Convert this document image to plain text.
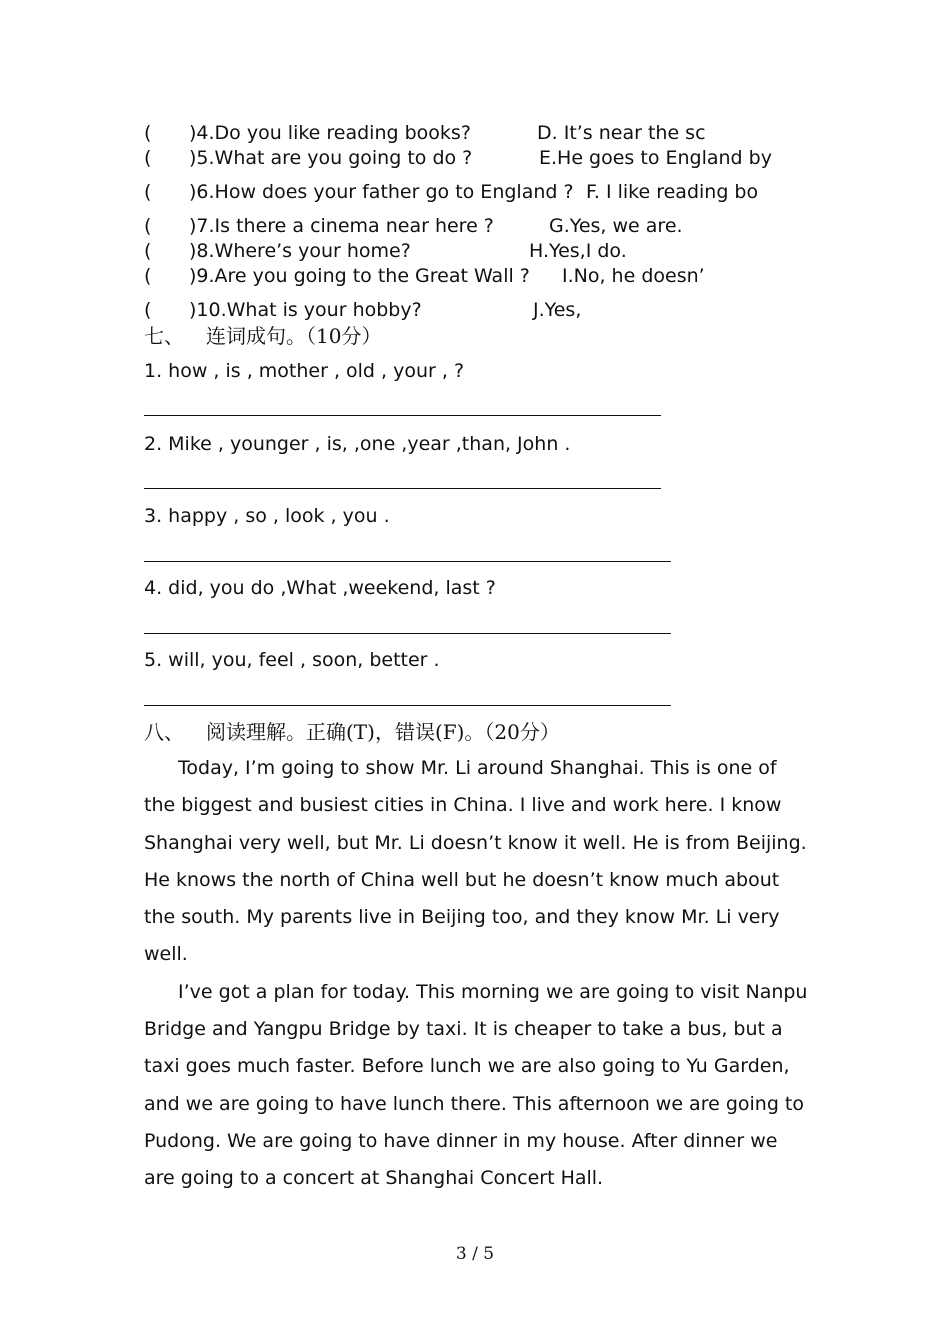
( )4.Do you like reading books?	D. It’s near the sc
( )5.What are you going to do ?	E.He goes to England by
( )6.How does your father go to England ? F. I like reading bo
( )7.Is there a cinema near here ?	G.Yes, we are.
( )8.Where’s your home?	H.Yes,I do.
( )9.Are you going to the Great Wall ? I.No, he doesn’
( )10.What is your hobby?	J.Yes,
七、 连词成句。（10分）
1. how , is , mother , old , your , ?
2. Mike , younger , is, ,one ,year ,than, John .
3. happy , so , look , you .
4. did, you do ,What ,weekend, last ?
5. will, you, feel , soon, better .
八、 阅读理解。正确(T)，错误(F)。（20分）

Today, I’m going to show Mr. Li around Shanghai. This is one of the biggest and busiest cities in China. I live and work here. I know Shanghai very well, but Mr. Li doesn’t know it well. He is from Beijing. He knows the north of China well but he doesn’t know much about the south. My parents live in Beijing too, and they know Mr. Li very well.

I’ve got a plan for today. This morning we are going to visit Nanpu Bridge and Yangpu Bridge by taxi. It is cheaper to take a bus, but a taxi goes much faster. Before lunch we are also going to Yu Garden, and we are going to have lunch there. This afternoon we are going to Pudong. We are going to have dinner in my house. After dinner we are going to a concert at Shanghai Concert Hall.

3 / 5
